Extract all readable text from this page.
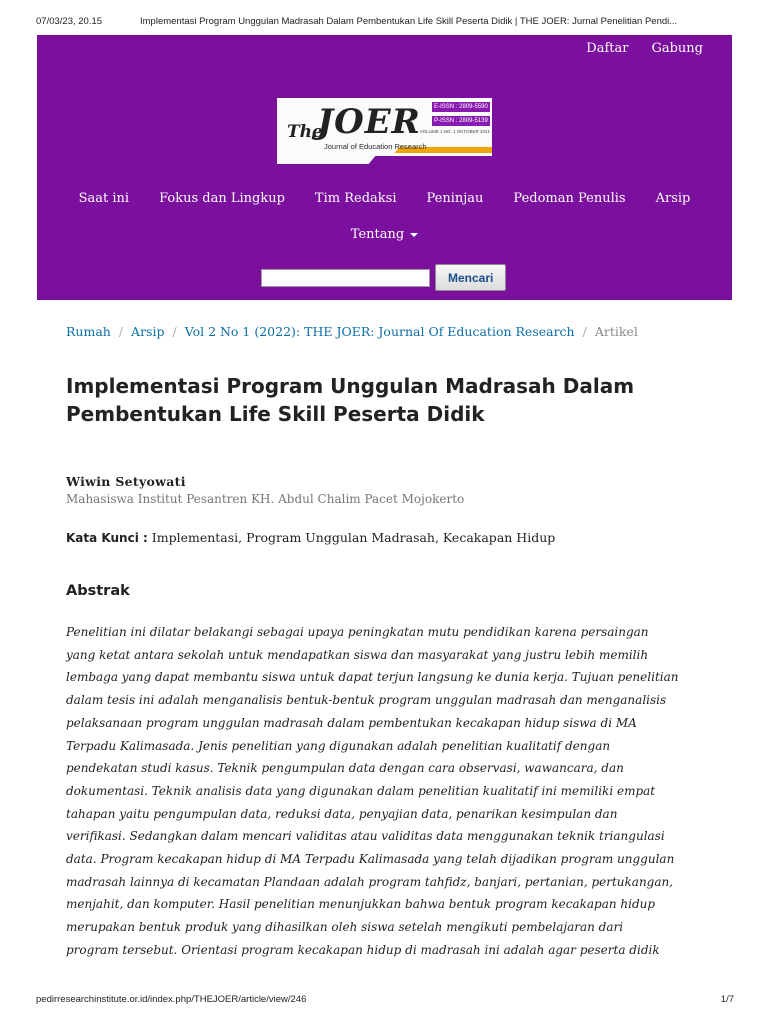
07/03/23, 20.15	Implementasi Program Unggulan Madrasah Dalam Pembentukan Life Skill Peserta Didik | THE JOER: Jurnal Penelitian Pendi...
Daftar Gabung
The
JOER
Journal of Education Research
E-ISSN : 2809-5590
P-ISSN : 2809-5139
VOLUME 1 NO. 1 OKTOBER 2021
Saat ini	Fokus dan Lingkup	Tim Redaksi	Peninjau	Pedoman Penulis	Arsip
Tentang
Mencari
Rumah / Arsip / Vol 2 No 1 (2022): THE JOER: Journal Of Education Research / Artikel
Implementasi Program Unggulan Madrasah Dalam
Pembentukan Life Skill Peserta Didik
Wiwin Setyowati
Mahasiswa Institut Pesantren KH. Abdul Chalim Pacet Mojokerto
Kata Kunci : Implementasi, Program Unggulan Madrasah, Kecakapan Hidup
Abstrak
Penelitian ini dilatar belakangi sebagai upaya peningkatan mutu pendidikan karena persaingan
yang ketat antara sekolah untuk mendapatkan siswa dan masyarakat yang justru lebih memilih
lembaga yang dapat membantu siswa untuk dapat terjun langsung ke dunia kerja. Tujuan penelitian
dalam tesis ini adalah menganalisis bentuk-bentuk program unggulan madrasah dan menganalisis
pelaksanaan program unggulan madrasah dalam pembentukan kecakapan hidup siswa di MA
Terpadu Kalimasada. Jenis penelitian yang digunakan adalah penelitian kualitatif dengan
pendekatan studi kasus. Teknik pengumpulan data dengan cara observasi, wawancara, dan
dokumentasi. Teknik analisis data yang digunakan dalam penelitian kualitatif ini memiliki empat
tahapan yaitu pengumpulan data, reduksi data, penyajian data, penarikan kesimpulan dan
verifikasi. Sedangkan dalam mencari validitas atau validitas data menggunakan teknik triangulasi
data. Program kecakapan hidup di MA Terpadu Kalimasada yang telah dijadikan program unggulan
madrasah lainnya di kecamatan Plandaan adalah program tahfidz, banjari, pertanian, pertukangan,
menjahit, dan komputer. Hasil penelitian menunjukkan bahwa bentuk program kecakapan hidup
merupakan bentuk produk yang dihasilkan oleh siswa setelah mengikuti pembelajaran dari
program tersebut. Orientasi program kecakapan hidup di madrasah ini adalah agar peserta didik
pedirresearchinstitute.or.id/index.php/THEJOER/article/view/246	1/7
